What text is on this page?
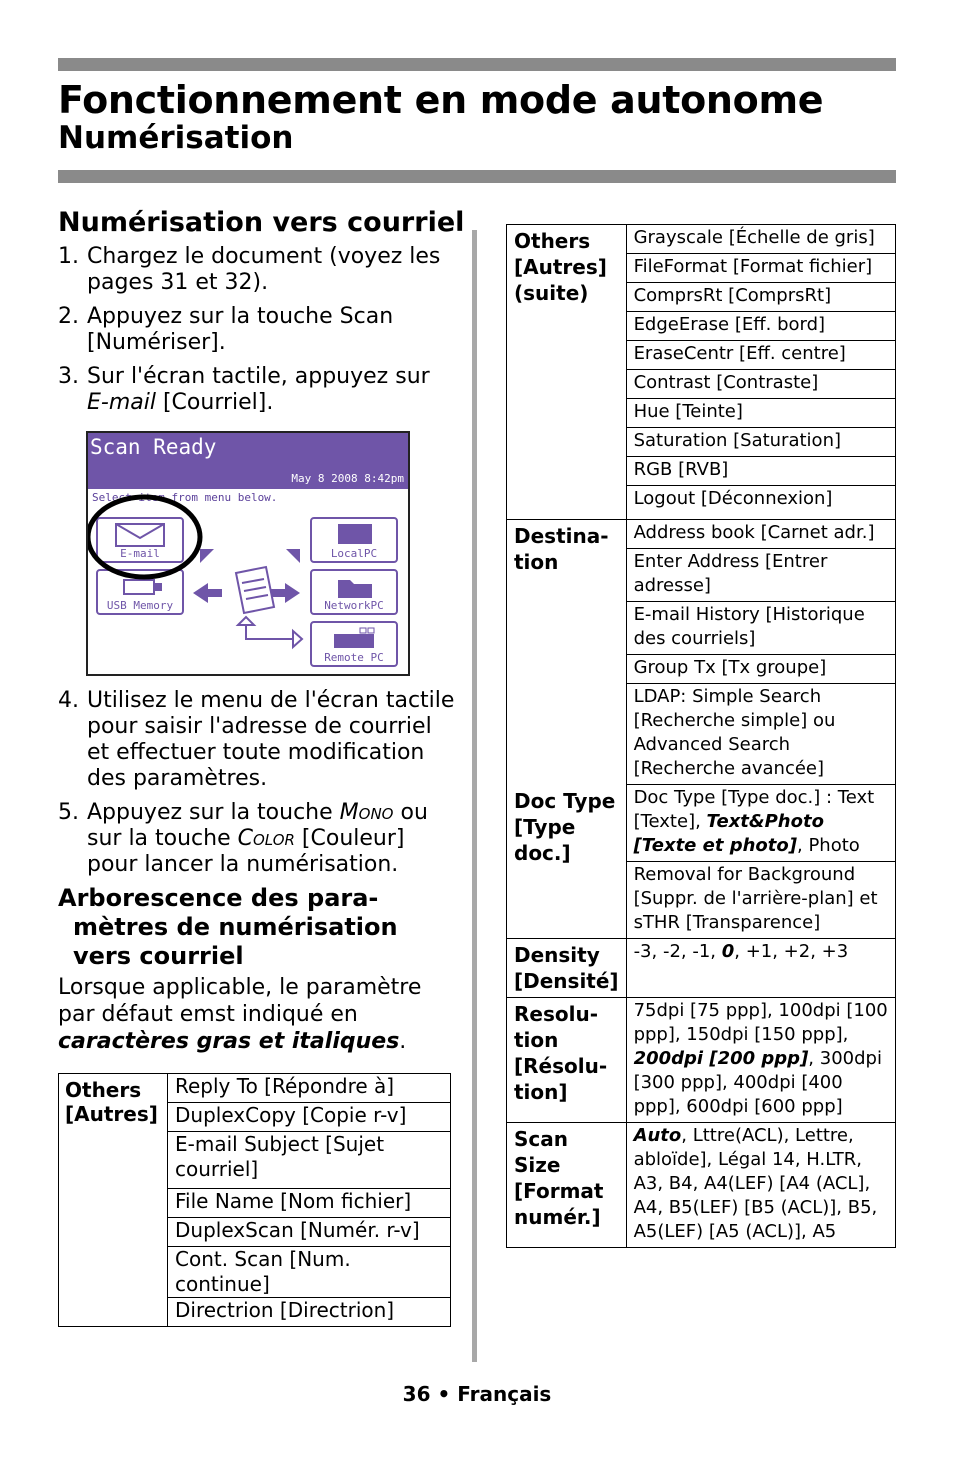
Fonctionnement en mode autonome
Numérisation
Numérisation vers courriel
1. Chargez le document (voyez les pages 31 et 32).
2. Appuyez sur la touche Scan [Numériser].
3. Sur l'écran tactile, appuyez sur E-mail [Courriel].
Scan Ready
May 8 2008 8:42pm
Select item from menu below.
E-mail
USB Memory
LocalPC
NetworkPC
Remote PC
4. Utilisez le menu de l'écran tactile pour saisir l'adresse de courriel et effectuer toute modification des paramètres.
5. Appuyez sur la touche Mono ou sur la touche Color [Couleur] pour lancer la numérisation.
Arborescence des para-
mètres de numérisation
vers courriel
Lorsque applicable, le paramètre par défaut emst indiqué en caractères gras et italiques.
Others [Autres]	Reply To [Répondre à]
DuplexCopy [Copie r-v]
E-mail Subject [Sujet courriel]
File Name [Nom fichier]
DuplexScan [Numér. r-v]
Cont. Scan [Num. continue]
Directrion [Directrion]
Others [Autres] (suite)	Grayscale [Échelle de gris]
	FileFormat [Format fichier]
	ComprsRt [ComprsRt]
	EdgeErase [Eff. bord]
	EraseCentr [Eff. centre]
	Contrast [Contraste]
	Hue [Teinte]
	Saturation [Saturation]
	RGB [RVB]
	Logout [Déconnexion]
Destina-tion	Address book [Carnet adr.]
	Enter Address [Entrer adresse]
	E-mail History [Historique des courriels]
	Group Tx [Tx groupe]
	LDAP: Simple Search [Recherche simple] ou Advanced Search [Recherche avancée]
Doc Type [Type doc.]	Doc Type [Type doc.] : Text [Texte], Text&Photo [Texte et photo], Photo
	Removal for Background [Suppr. de l'arrière-plan] et sTHR [Transparence]
Density [Densité]	-3, -2, -1, 0, +1, +2, +3
Resolu-tion [Résolu-tion]	75dpi [75 ppp], 100dpi [100 ppp], 150dpi [150 ppp], 200dpi [200 ppp], 300dpi [300 ppp], 400dpi [400 ppp], 600dpi [600 ppp]
Scan Size [Format numér.]	Auto, Lttre(ACL), Lettre, abloïde], Légal 14, H.LTR, A3, B4, A4(LEF) [A4 (ACL], A4, B5(LEF) [B5 (ACL)], B5, A5(LEF) [A5 (ACL)], A5
36 • Français
